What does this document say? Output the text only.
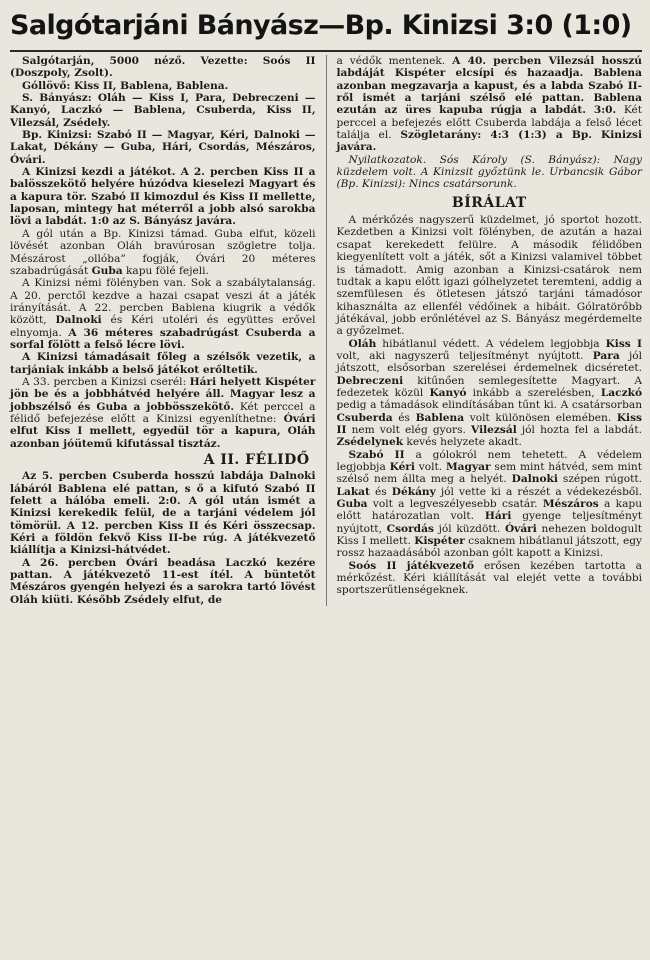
Salgótarjáni Bányász—Bp. Kinizsi 3:0 (1:0)

Salgótarján, 5000 néző. Vezette: Soós II (Doszpoly, Zsolt).

Góllövő: Kiss II, Bablena, Bablena.

S. Bányász: Oláh — Kiss I, Para, Debreczeni — Kanyó, Laczkó — Bablena, Csuberda, Kiss II, Vilezsál, Zsédely.

Bp. Kinizsi: Szabó II — Magyar, Kéri, Dalnoki — Lakat, Dékány — Guba, Hári, Csordás, Mészáros, Óvári.

A Kinizsi kezdi a játékot. A 2. percben Kiss II a balösszekötő helyére húzódva kieselezi Magyart és a kapura tör. Szabó II kimozdul és Kiss II mellette, laposan, mintegy hat méterről a jobb alsó sarokba lövi a labdát. 1:0 az S. Bányász javára.

A gól után a Bp. Kinizsi támad. Guba elfut, közeli lövését azonban Oláh bravúrosan szögletre tolja. Mészárost „ollóba” fogják, Óvári 20 méteres szabadrúgását Guba kapu fölé fejeli.

A Kinizsi némi fölényben van. Sok a szabálytalanság. A 20. perctől kezdve a hazai csapat veszi át a játék irányítását. A 22. percben Bablena kiugrik a védők között, Dalnoki és Kéri utoléri és együttes erővel elnyomja. A 36 méteres szabadrúgást Csuberda a sorfal fölött a felső lécre lövi.

A Kinizsi támadásait főleg a szélsők vezetik, a tarjániak inkább a belső játékot erőltetik.

A 33. percben a Kinizsi cserél: Hári helyett Kispéter jön be és a jobbhátvéd helyére áll. Magyar lesz a jobbszélső és Guba a jobbösszekötő. Két perccel a félidő befejezése előtt a Kinizsi egyenlíthetne: Óvári elfut Kiss I mellett, egyedül tör a kapura, Oláh azonban jóütemű kifutással tisztáz.

A II. FÉLIDŐ

Az 5. percben Csuberda hosszú labdája Dalnoki lábáról Bablena elé pattan, s ő a kifutó Szabó II felett a hálóba emeli. 2:0. A gól után ismét a Kinizsi kerekedik felül, de a tarjáni védelem jól tömörül. A 12. percben Kiss II és Kéri összecsap. Kéri a földön fekvő Kiss II-be rúg. A játékvezető kiállítja a Kinizsi-hátvédet.

A 26. percben Óvári beadása Laczkó kezére pattan. A játékvezető 11-est ítél. A büntetőt Mészáros gyengén helyezi és a sarokra tartó lövést Oláh kiüti. Később Zsédely elfut, de

a védők mentenek. A 40. percben Vilezsál hosszú labdáját Kispéter elcsípi és hazaadja. Bablena azonban megzavarja a kapust, és a labda Szabó II-ről ismét a tarjáni szélső elé pattan. Bablena ezután az üres kapuba rúgja a labdát. 3:0. Két perccel a befejezés előtt Csuberda labdája a felső lécet találja el. Szögletarány: 4:3 (1:3) a Bp. Kinizsi javára.

Nyilatkozatok. Sós Károly (S. Bányász): Nagy küzdelem volt. A Kinizsit győztünk le. Urbancsik Gábor (Bp. Kinizsi): Nincs csatársorunk.

BÍRÁLAT

A mérkőzés nagyszerű küzdelmet, jó sportot hozott. Kezdetben a Kinizsi volt fölényben, de azután a hazai csapat kerekedett felülre. A második félidőben kiegyenlített volt a játék, sőt a Kinizsi valamivel többet is támadott. Amig azonban a Kinizsi-csatárok nem tudtak a kapu előtt igazi gólhelyzetet teremteni, addig a szemfülesen és ötletesen játszó tarjáni támadósor kihasználta az ellenfél védőinek a hibáit. Gólratörőbb játékával, jobb erőnlétével az S. Bányász megérdemelte a győzelmet.

Oláh hibátlanul védett. A védelem legjobbja Kiss I volt, aki nagyszerű teljesítményt nyújtott. Para jól játszott, elsősorban szerelései érdemelnek dicséretet. Debreczeni kitűnően semlegesítette Magyart. A fedezetek közül Kanyó inkább a szerelésben, Laczkó pedig a támadások elindításában tűnt ki. A csatársorban Csuberda és Bablena volt különösen elemében. Kiss II nem volt elég gyors. Vilezsál jól hozta fel a labdát. Zsédelynek kevés helyzete akadt.

Szabó II a gólokról nem tehetett. A védelem legjobbja Kéri volt. Magyar sem mint hátvéd, sem mint szélső nem állta meg a helyét. Dalnoki szépen rúgott. Lakat és Dékány jól vette ki a részét a védekezésből. Guba volt a legveszélyesebb csatár. Mészáros a kapu előtt határozatlan volt. Hári gyenge teljesítményt nyújtott, Csordás jól küzdött. Óvári nehezen boldogult Kiss I mellett. Kispéter csaknem hibátlanul játszott, egy rossz hazaadásából azonban gólt kapott a Kinizsi.

Soós II játékvezető erősen kezében tartotta a mérkőzést. Kéri kiállítását val elejét vette a további sportszerűtlenségeknek.
